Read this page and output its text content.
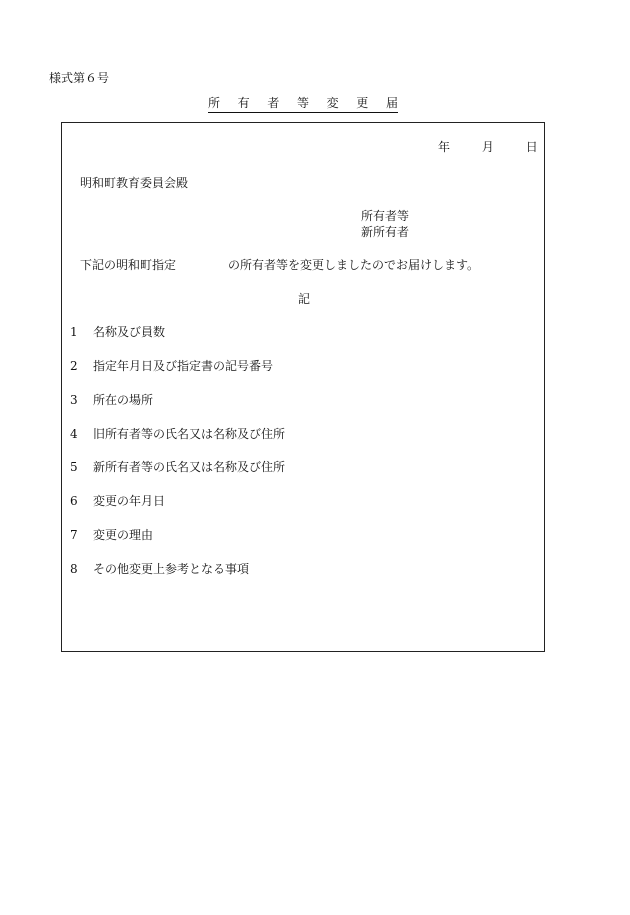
様式第６号
所 有 者 等 変 更 届
年	月	日
明和町教育委員会殿
所有者等
新所有者
下記の明和町指定	の所有者等を変更しましたのでお届けします。
記
1 名称及び員数
2 指定年月日及び指定書の記号番号
3 所在の場所
4 旧所有者等の氏名又は名称及び住所
5 新所有者等の氏名又は名称及び住所
6 変更の年月日
7 変更の理由
8 その他変更上参考となる事項
